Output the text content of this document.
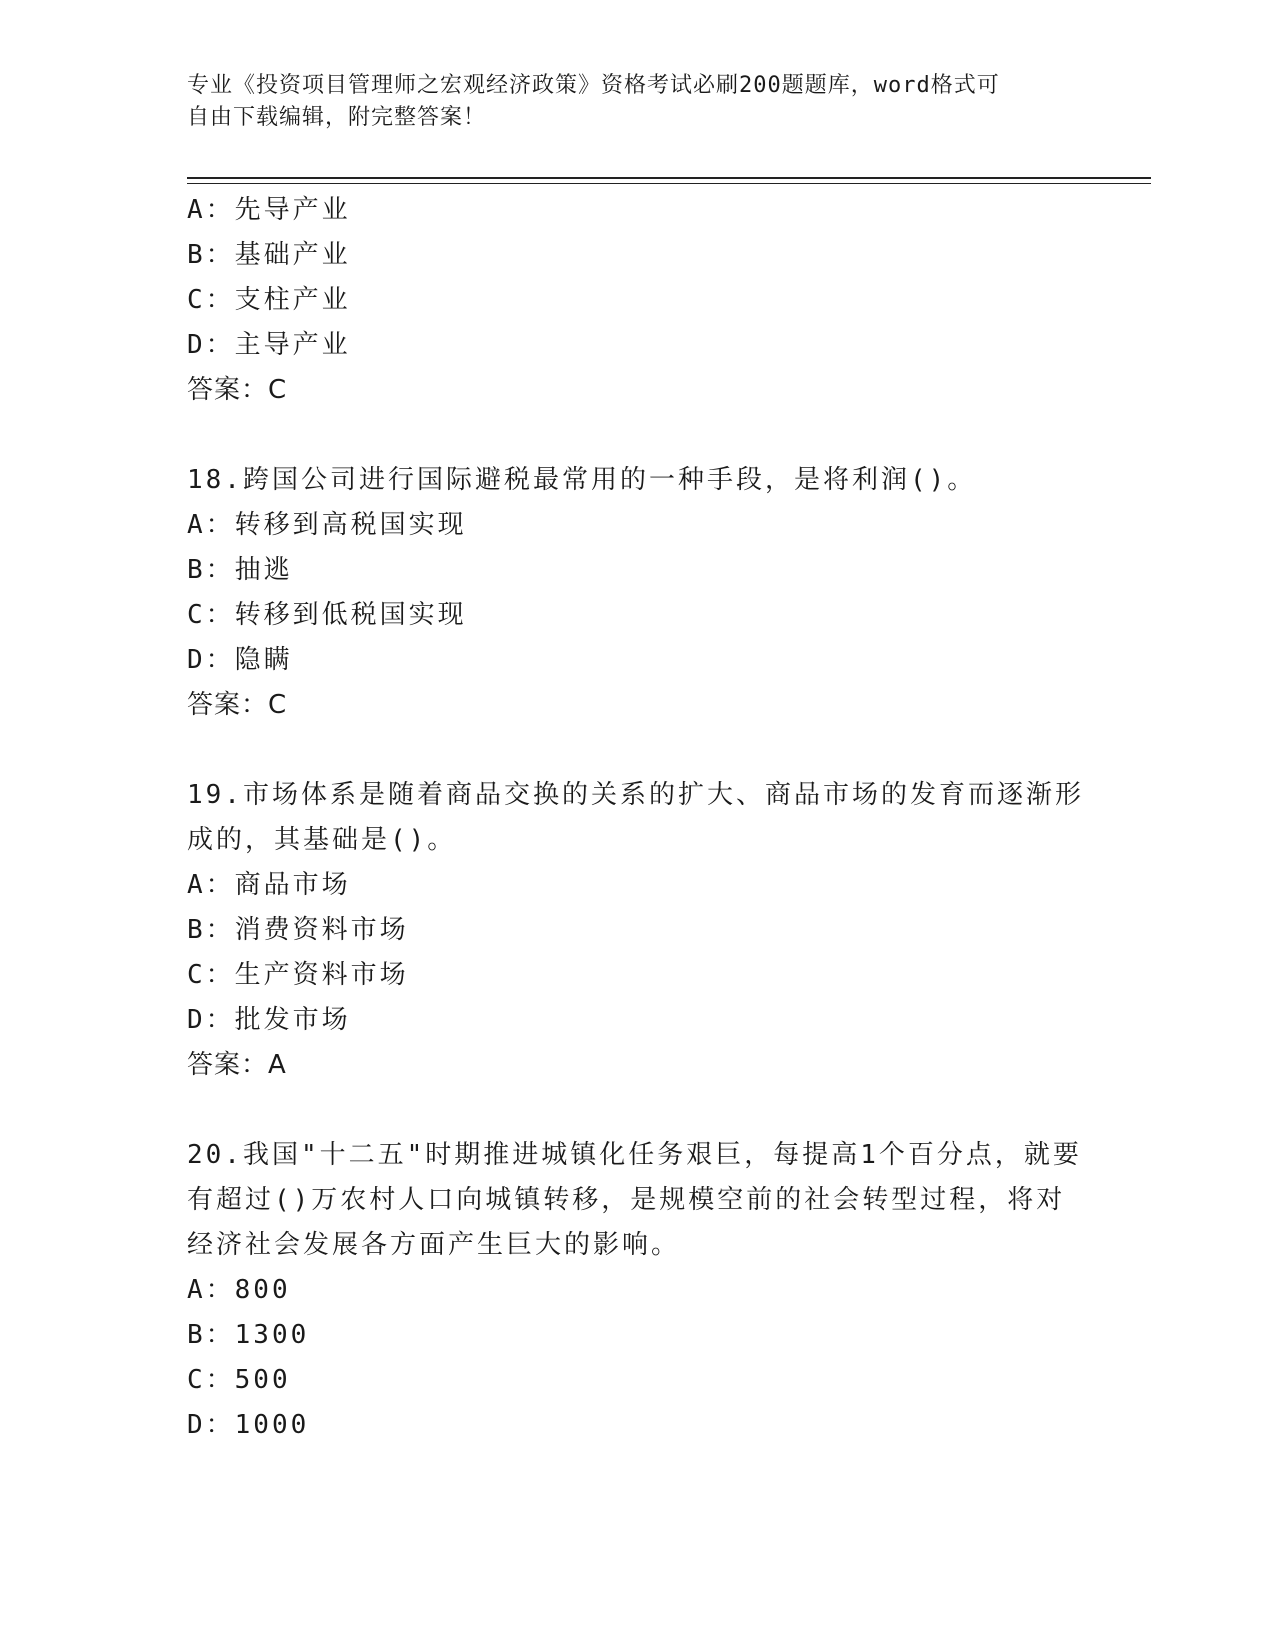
专业《投资项目管理师之宏观经济政策》资格考试必刷200题题库，word格式可
自由下载编辑，附完整答案！
A：先导产业
B：基础产业
C：支柱产业
D：主导产业
答案：C
18.跨国公司进行国际避税最常用的一种手段，是将利润()。
A：转移到高税国实现
B：抽逃
C：转移到低税国实现
D：隐瞒
答案：C
19.市场体系是随着商品交换的关系的扩大、商品市场的发育而逐渐形
成的，其基础是()。
A：商品市场
B：消费资料市场
C：生产资料市场
D：批发市场
答案：A
20.我国"十二五"时期推进城镇化任务艰巨，每提高1个百分点，就要
有超过()万农村人口向城镇转移，是规模空前的社会转型过程，将对
经济社会发展各方面产生巨大的影响。
A：800
B：1300
C：500
D：1000
